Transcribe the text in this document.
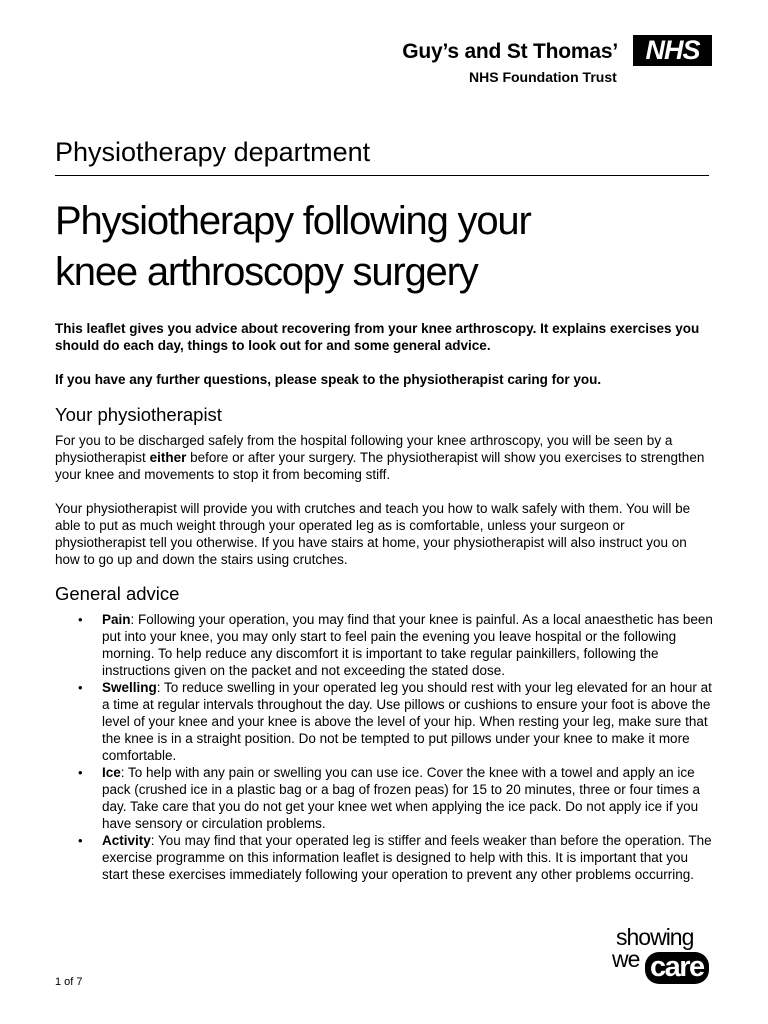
Guy’s and St Thomas’	NHS
NHS Foundation Trust
Physiotherapy department
Physiotherapy following your
knee arthroscopy surgery

This leaflet gives you advice about recovering from your knee arthroscopy. It explains exercises you should do each day, things to look out for and some general advice.

If you have any further questions, please speak to the physiotherapist caring for you.

Your physiotherapist

For you to be discharged safely from the hospital following your knee arthroscopy, you will be seen by a physiotherapist either before or after your surgery. The physiotherapist will show you exercises to strengthen your knee and movements to stop it from becoming stiff.

Your physiotherapist will provide you with crutches and teach you how to walk safely with them. You will be able to put as much weight through your operated leg as is comfortable, unless your surgeon or physiotherapist tell you otherwise. If you have stairs at home, your physiotherapist will also instruct you on how to go up and down the stairs using crutches.

General advice
• Pain: Following your operation, you may find that your knee is painful. As a local anaesthetic has been put into your knee, you may only start to feel pain the evening you leave hospital or the following morning. To help reduce any discomfort it is important to take regular painkillers, following the instructions given on the packet and not exceeding the stated dose.
• Swelling: To reduce swelling in your operated leg you should rest with your leg elevated for an hour at a time at regular intervals throughout the day. Use pillows or cushions to ensure your foot is above the level of your knee and your knee is above the level of your hip. When resting your leg, make sure that the knee is in a straight position. Do not be tempted to put pillows under your knee to make it more comfortable.
• Ice: To help with any pain or swelling you can use ice. Cover the knee with a towel and apply an ice pack (crushed ice in a plastic bag or a bag of frozen peas) for 15 to 20 minutes, three or four times a day. Take care that you do not get your knee wet when applying the ice pack. Do not apply ice if you have sensory or circulation problems.
• Activity: You may find that your operated leg is stiffer and feels weaker than before the operation. The exercise programme on this information leaflet is designed to help with this. It is important that you start these exercises immediately following your operation to prevent any other problems occurring.
1 of 7
showing
we care
